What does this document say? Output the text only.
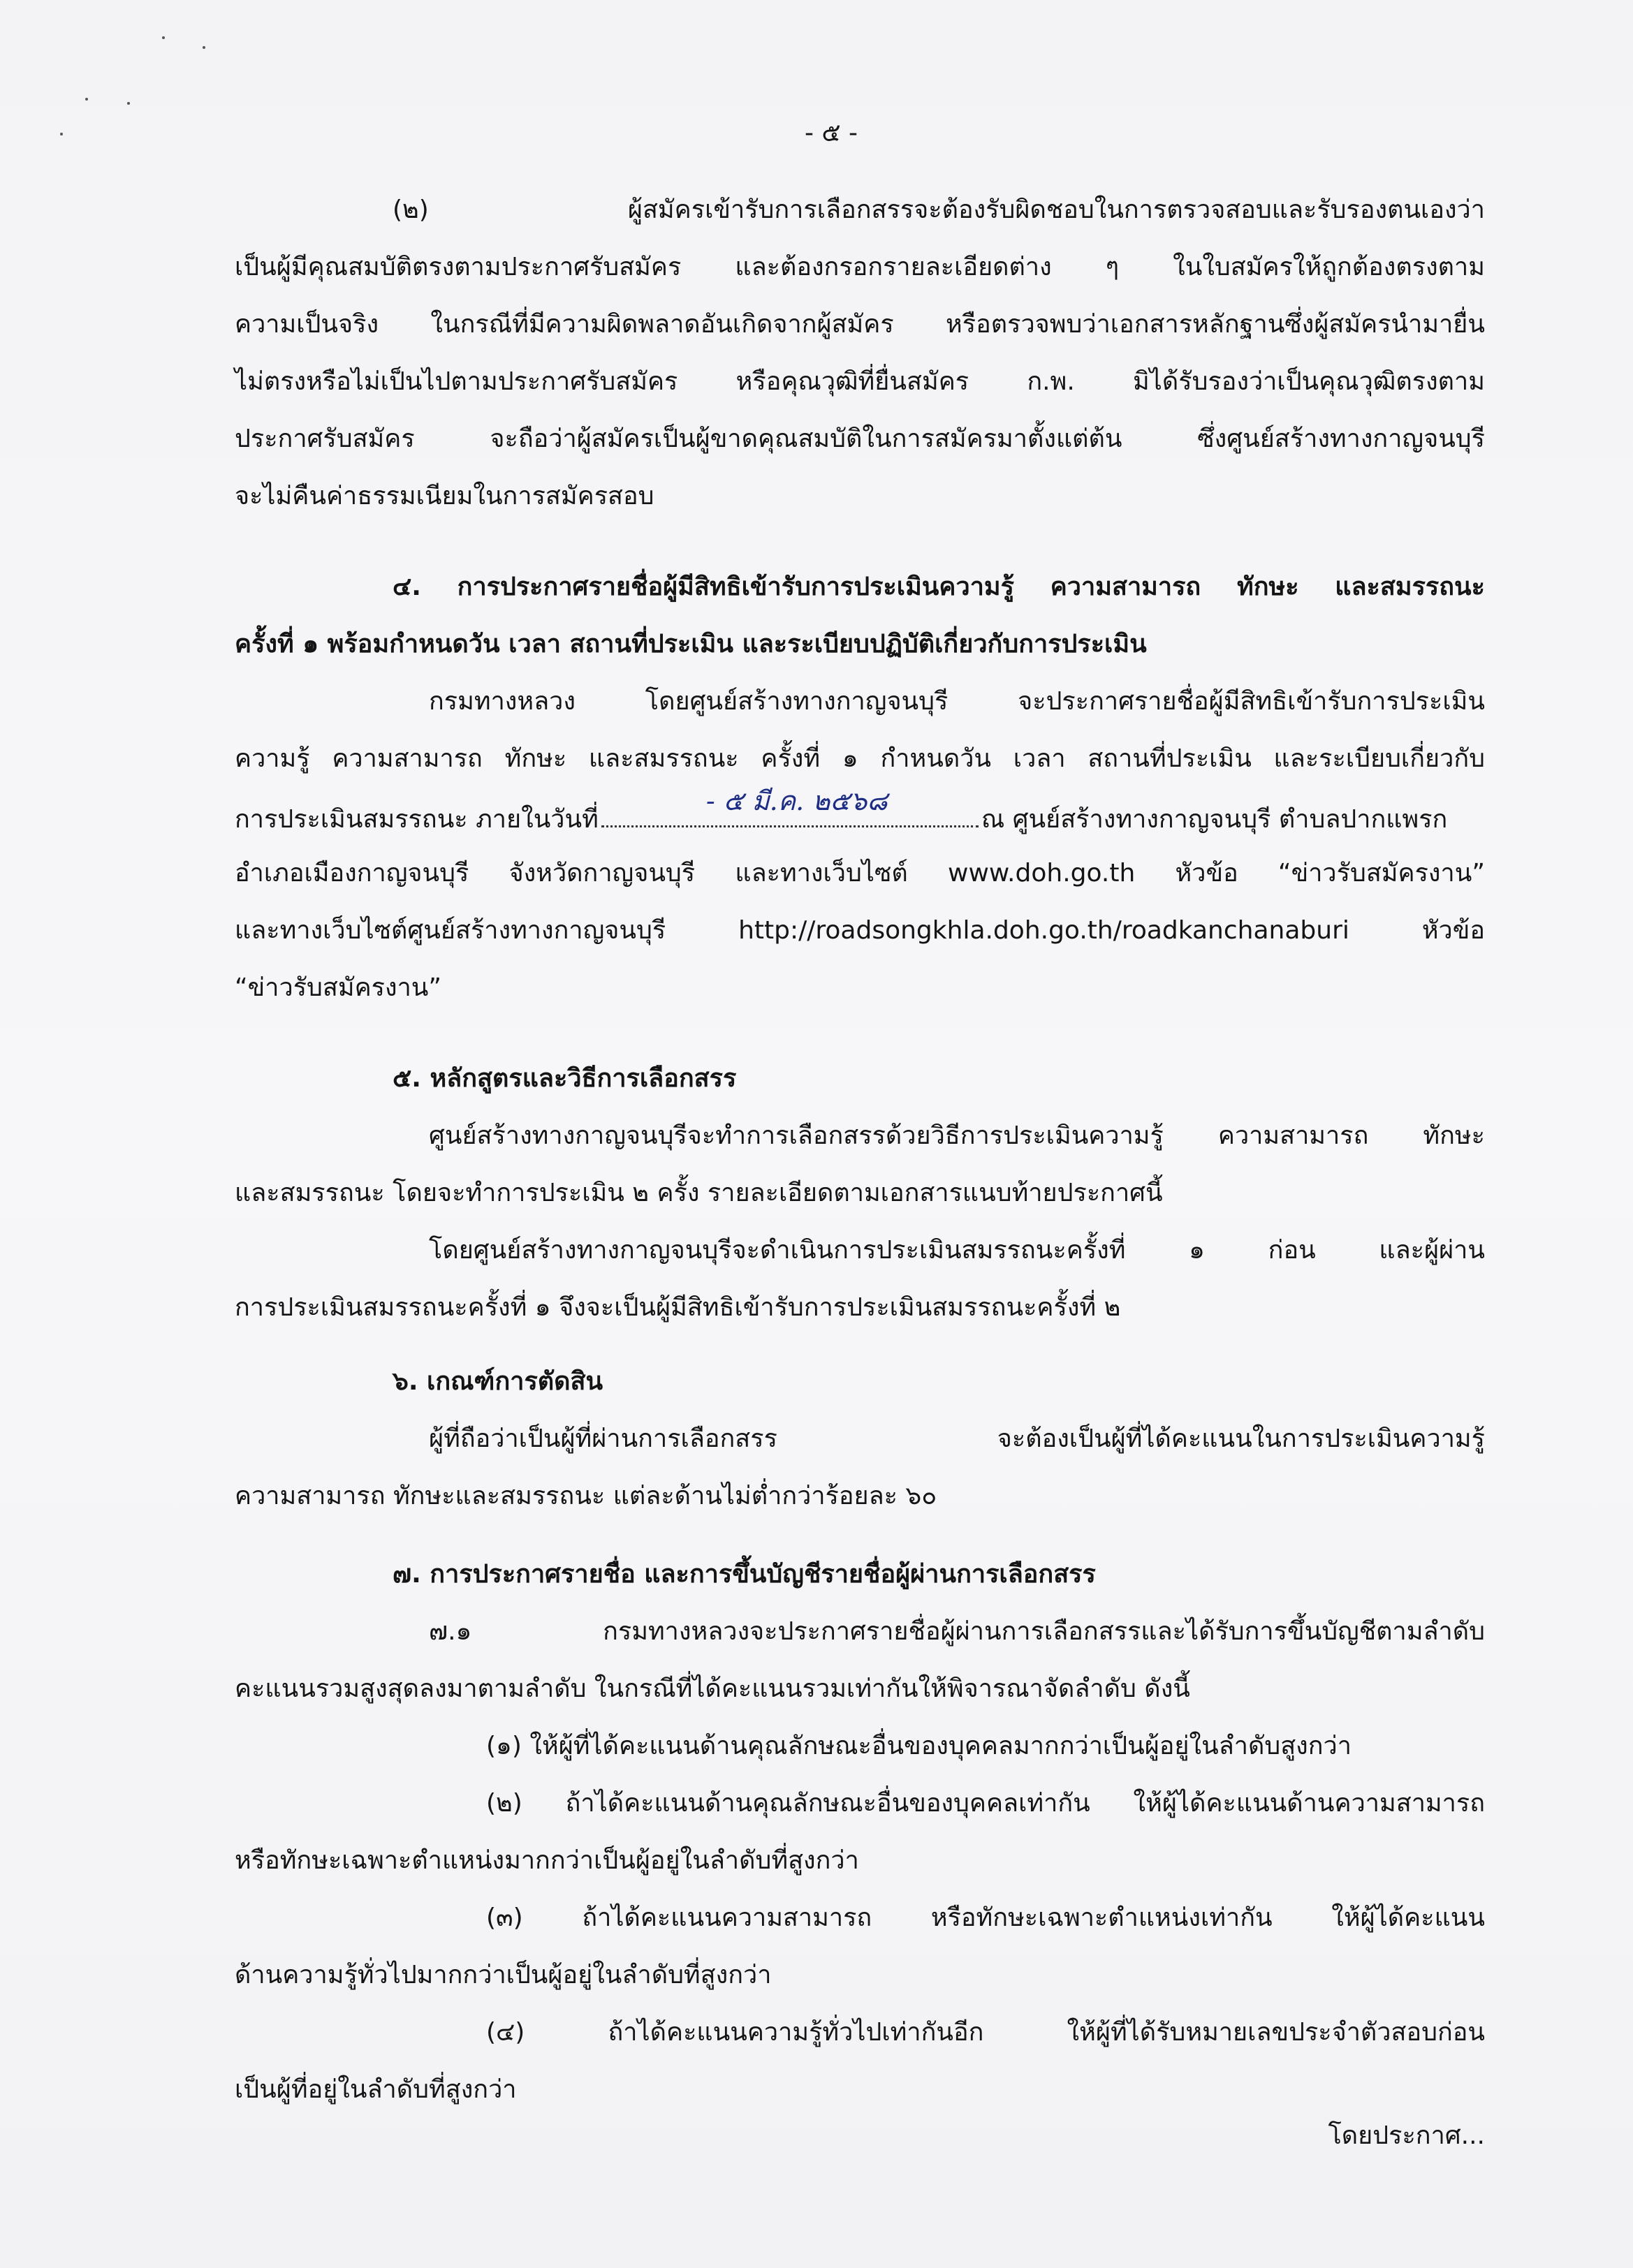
- ๕ -
(๒) ผู้สมัครเข้ารับการเลือกสรรจะต้องรับผิดชอบในการตรวจสอบและรับรองตนเองว่า
เป็นผู้มีคุณสมบัติตรงตามประกาศรับสมัคร และต้องกรอกรายละเอียดต่าง ๆ ในใบสมัครให้ถูกต้องตรงตาม
ความเป็นจริง ในกรณีที่มีความผิดพลาดอันเกิดจากผู้สมัคร หรือตรวจพบว่าเอกสารหลักฐานซึ่งผู้สมัครนำมายื่น
ไม่ตรงหรือไม่เป็นไปตามประกาศรับสมัคร หรือคุณวุฒิที่ยื่นสมัคร ก.พ. มิได้รับรองว่าเป็นคุณวุฒิตรงตาม
ประกาศรับสมัคร จะถือว่าผู้สมัครเป็นผู้ขาดคุณสมบัติในการสมัครมาตั้งแต่ต้น ซึ่งศูนย์สร้างทางกาญจนบุรี
จะไม่คืนค่าธรรมเนียมในการสมัครสอบ
๔. การประกาศรายชื่อผู้มีสิทธิเข้ารับการประเมินความรู้ ความสามารถ ทักษะ และสมรรถนะ
ครั้งที่ ๑ พร้อมกำหนดวัน เวลา สถานที่ประเมิน และระเบียบปฏิบัติเกี่ยวกับการประเมิน
กรมทางหลวง โดยศูนย์สร้างทางกาญจนบุรี จะประกาศรายชื่อผู้มีสิทธิเข้ารับการประเมิน
ความรู้ ความสามารถ ทักษะ และสมรรถนะ ครั้งที่ ๑ กำหนดวัน เวลา สถานที่ประเมิน และระเบียบเกี่ยวกับ
การประเมินสมรรถนะ ภายในวันที่
- ๕ มี.ค. ๒๕๖๘
ณ ศูนย์สร้างทางกาญจนบุรี ตำบลปากแพรก
อำเภอเมืองกาญจนบุรี จังหวัดกาญจนบุรี และทางเว็บไซต์ www.doh.go.th หัวข้อ “ข่าวรับสมัครงาน”
และทางเว็บไซต์ศูนย์สร้างทางกาญจนบุรี http://roadsongkhla.doh.go.th/roadkanchanaburi หัวข้อ
“ข่าวรับสมัครงาน”
๕. หลักสูตรและวิธีการเลือกสรร
ศูนย์สร้างทางกาญจนบุรีจะทำการเลือกสรรด้วยวิธีการประเมินความรู้ ความสามารถ ทักษะ
และสมรรถนะ โดยจะทำการประเมิน ๒ ครั้ง รายละเอียดตามเอกสารแนบท้ายประกาศนี้
โดยศูนย์สร้างทางกาญจนบุรีจะดำเนินการประเมินสมรรถนะครั้งที่ ๑ ก่อน และผู้ผ่าน
การประเมินสมรรถนะครั้งที่ ๑ จึงจะเป็นผู้มีสิทธิเข้ารับการประเมินสมรรถนะครั้งที่ ๒
๖. เกณฑ์การตัดสิน
ผู้ที่ถือว่าเป็นผู้ที่ผ่านการเลือกสรร จะต้องเป็นผู้ที่ได้คะแนนในการประเมินความรู้
ความสามารถ ทักษะและสมรรถนะ แต่ละด้านไม่ต่ำกว่าร้อยละ ๖๐
๗. การประกาศรายชื่อ และการขึ้นบัญชีรายชื่อผู้ผ่านการเลือกสรร
๗.๑ กรมทางหลวงจะประกาศรายชื่อผู้ผ่านการเลือกสรรและได้รับการขึ้นบัญชีตามลำดับ
คะแนนรวมสูงสุดลงมาตามลำดับ ในกรณีที่ได้คะแนนรวมเท่ากันให้พิจารณาจัดลำดับ ดังนี้
(๑) ให้ผู้ที่ได้คะแนนด้านคุณลักษณะอื่นของบุคคลมากกว่าเป็นผู้อยู่ในลำดับสูงกว่า
(๒) ถ้าได้คะแนนด้านคุณลักษณะอื่นของบุคคลเท่ากัน ให้ผู้ได้คะแนนด้านความสามารถ
หรือทักษะเฉพาะตำแหน่งมากกว่าเป็นผู้อยู่ในลำดับที่สูงกว่า
(๓) ถ้าได้คะแนนความสามารถ หรือทักษะเฉพาะตำแหน่งเท่ากัน ให้ผู้ได้คะแนน
ด้านความรู้ทั่วไปมากกว่าเป็นผู้อยู่ในลำดับที่สูงกว่า
(๔) ถ้าได้คะแนนความรู้ทั่วไปเท่ากันอีก ให้ผู้ที่ได้รับหมายเลขประจำตัวสอบก่อน
เป็นผู้ที่อยู่ในลำดับที่สูงกว่า
โดยประกาศ...
